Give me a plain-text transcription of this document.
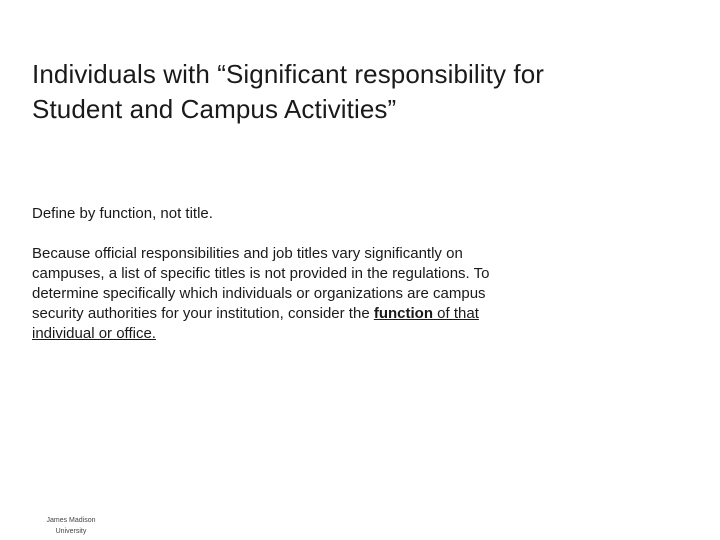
Individuals with “Significant responsibility for
Student and Campus Activities”

Define by function, not title.

Because official responsibilities and job titles vary significantly on
campuses, a list of specific titles is not provided in the regulations. To
determine specifically which individuals or organizations are campus
security authorities for your institution, consider the function of that
individual or office.

James Madison
University
